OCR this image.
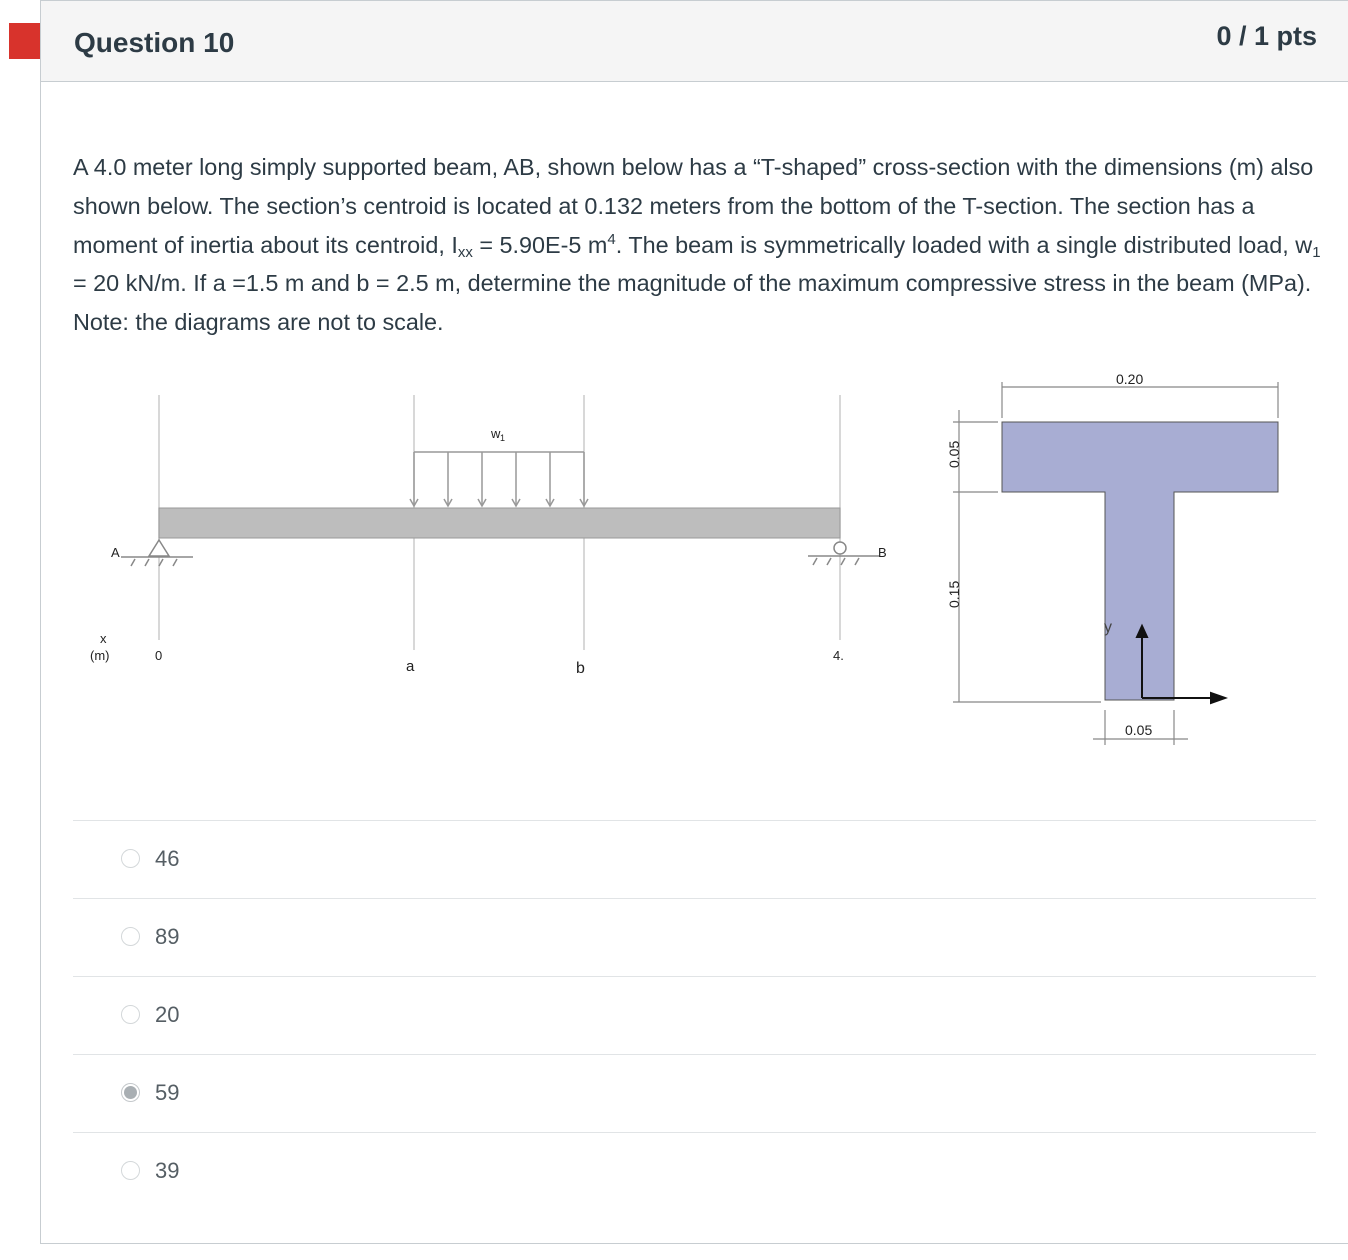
Question 10	0 / 1 pts

A 4.0 meter long simply supported beam, AB, shown below has a “T-shaped” cross-section with the dimensions (m) also shown below. The section’s centroid is located at 0.132 meters from the bottom of the T-section. The section has a moment of inertia about its centroid, $I_{xx} = 5.90E-5$ $m^4$. The beam is symmetrically loaded with a single distributed load, $w_1 = 20$ kN/m. If a =1.5 m and b = 2.5 m, determine the magnitude of the maximum compressive stress in the beam (MPa). Note: the diagrams are not to scale.

A	B
w 1
x
(m)	0
a	b
4.
0.20
0.05
0.15
0.05
y
46
89
20
59
39
